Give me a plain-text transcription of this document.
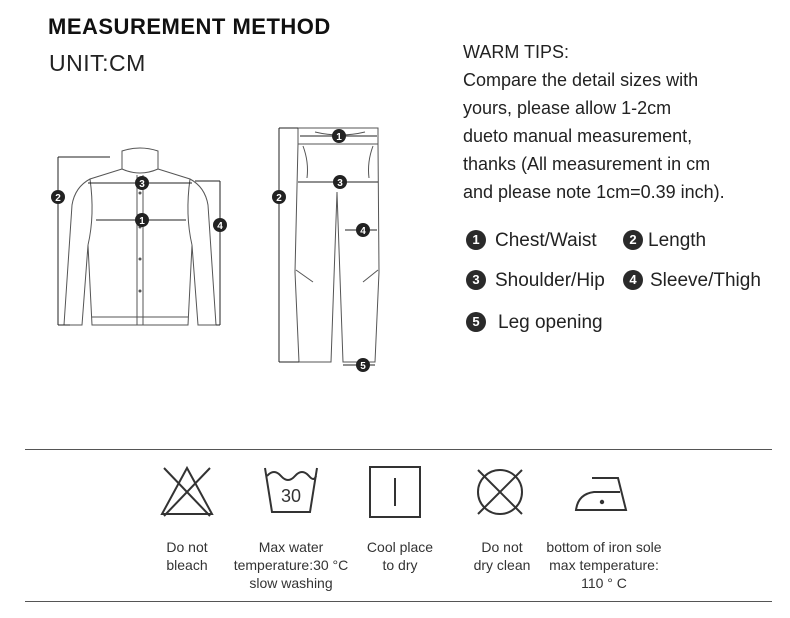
MEASUREMENT METHOD
UNIT:CM	WARM TIPS:
Compare the detail sizes with
yours, please allow 1-2cm
dueto manual measurement,
thanks (All measurement in cm
and please note 1cm=0.39 inch).
1 Chest/Waist	2 Length
3 Shoulder/Hip	4 Sleeve/Thigh
5 Leg opening
2
3
1	4
1
2
3
4
5
30
Do not
bleach
Max water
temperature:30 °C
slow washing
Cool place
to dry
Do not
dry clean
bottom of iron sole
max temperature:
110 ° C
